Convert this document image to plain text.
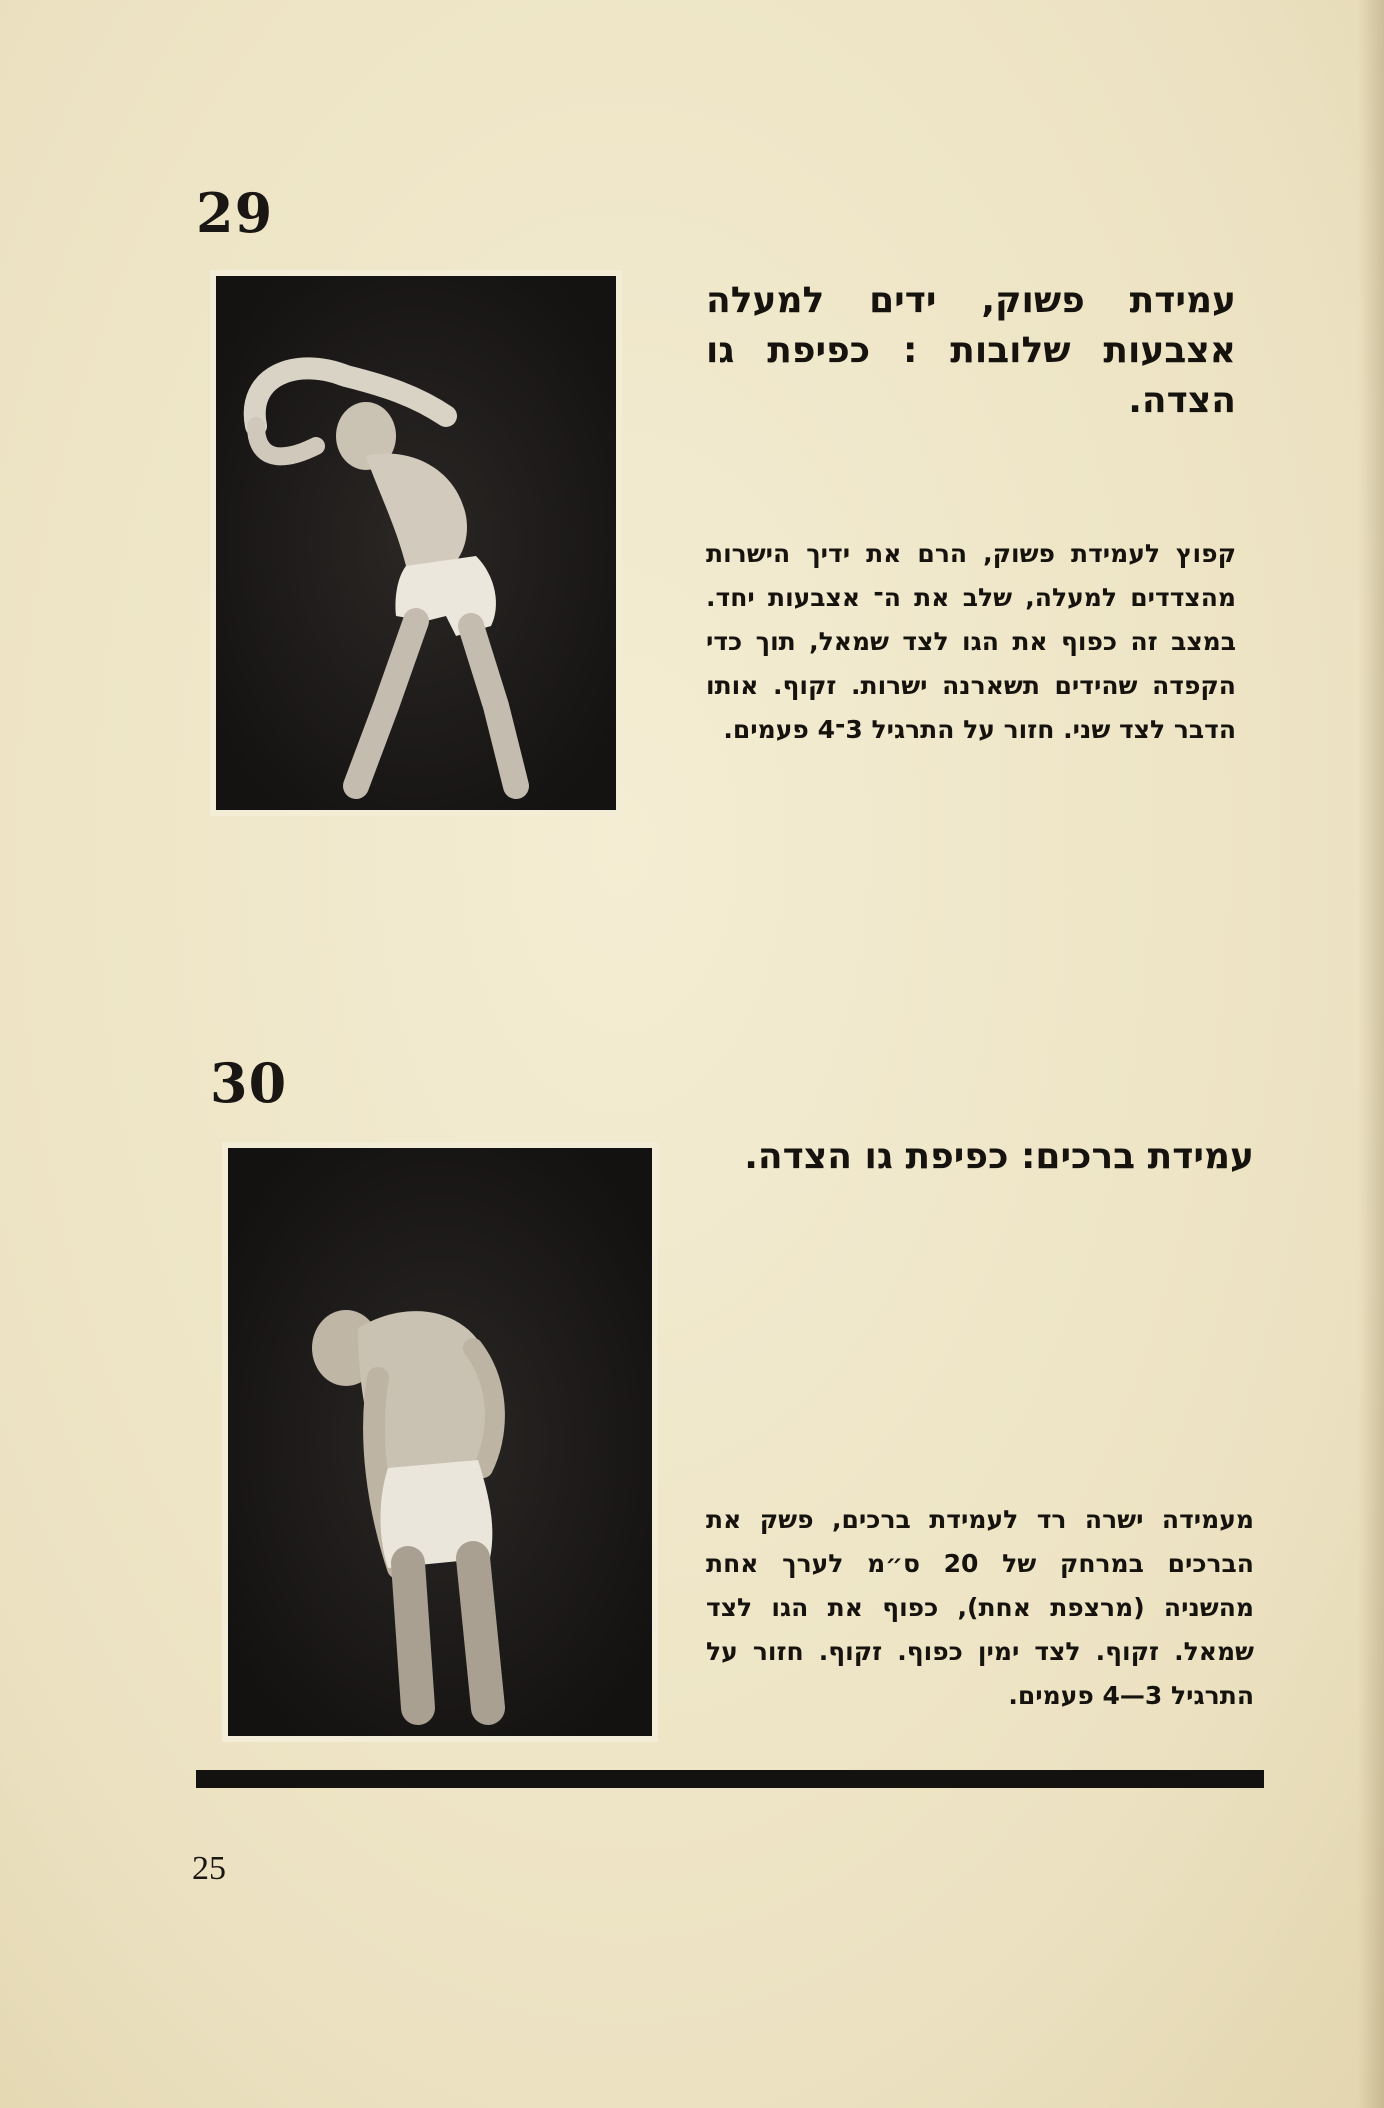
29
עמידת פשוק, ידים למעלה אצבעות שלובות : כפיפת גו הצדה.
קפוץ לעמידת פשוק, הרם את ידיך הישרות מהצדדים למעלה, שלב את ה־ אצבעות יחד. במצב זה כפוף את הגו לצד שמאל, תוך כדי הקפדה שהידים תשארנה ישרות. זקוף. אותו הדבר לצד שני. חזור על התרגיל 3־4 פעמים.
30
עמידת ברכים: כפיפת גו הצדה.
מעמידה ישרה רד לעמידת ברכים, פשק את הברכים במרחק של 20 ס״מ לערך אחת מהשניה (מרצפת אחת), כפוף את הגו לצד שמאל. זקוף. לצד ימין כפוף. זקוף. חזור על התרגיל 3—4 פעמים.
25
